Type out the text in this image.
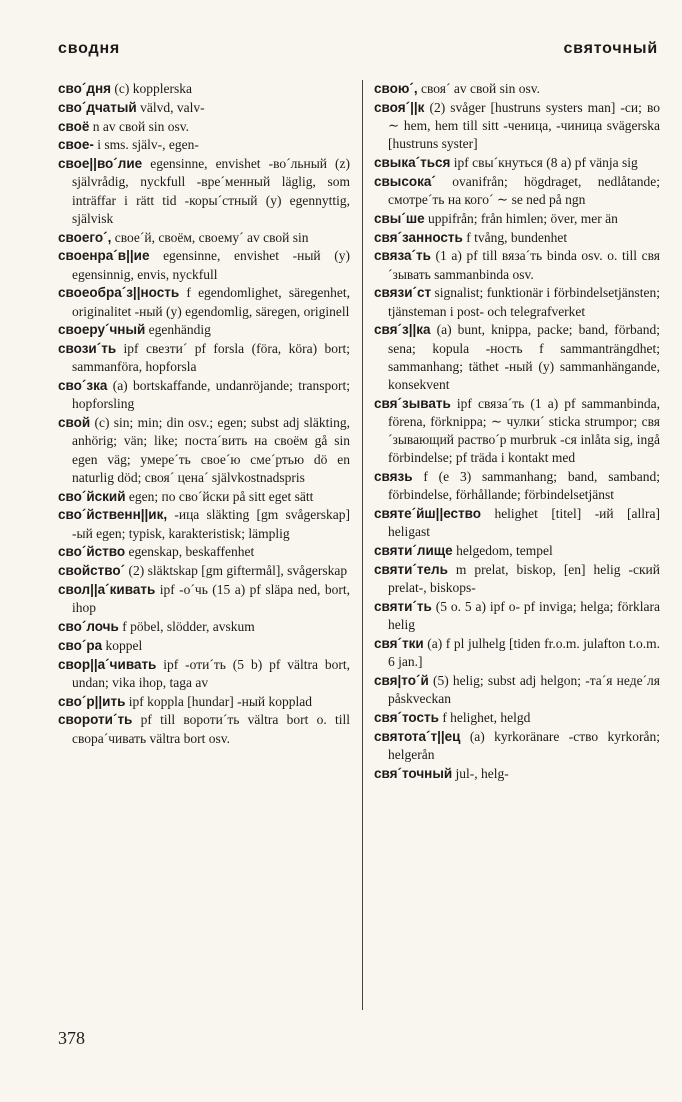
сводня	святочный

сво´дня (c) kopplerska

сво´дчатый välvd, valv-

своё n av свой sin osv.

свое- i sms. själv-, egen-

свое||во´лие egensinne, envishet -во´льный (z) självrådig, nyckfull -вре´менный läglig, som inträffar i rätt tid -коры´стный (y) egennyttig, självisk

своего´, свое´й, своём, своему´ av свой sin

своенра´в||ие egensinne, envishet -ный (y) egensinnig, envis, nyckfull

своеобра´з||ность f egendomlighet, säregenhet, originalitet -ный (y) egendomlig, säregen, originell

своеру´чный egenhändig

свози´ть ipf свезти´ pf forsla (föra, köra) bort; sammanföra, hopforsla

сво´зка (a) bortskaffande, undanröjande; transport; hopforsling

свой (c) sin; min; din osv.; egen; subst adj släkting, anhörig; vän; like; поста´вить на своём gå sin egen väg; умере´ть свое´ю сме´ртью dö en naturlig död; своя´ цена´ självkostnadspris

сво´йский egen; по сво´йски på sitt eget sätt

сво´йственн||ик, -ица släkting [gm svågerskap] -ый egen; typisk, karakteristisk; lämplig

сво´йство egenskap, beskaffenhet

свойство´ (2) släktskap [gm giftermål], svågerskap

свол||а´кивать ipf -о´чь (15 a) pf släpa ned, bort, ihop

сво´лочь f pöbel, slödder, avskum

сво´ра koppel

свор||а´чивать ipf -оти´ть (5 b) pf vältra bort, undan; vika ihop, taga av

сво´р||ить ipf koppla [hundar] -ный kopplad

свороти´ть pf till вороти´ть vältra bort o. till свора´чивать vältra bort osv.

свою´, своя´ av свой sin osv.

своя´||к (2) svåger [hustruns systers man] -си; во ∼ hem, hem till sitt -ченица, -чиница svägerska [hustruns syster]

свыка´ться ipf свы´кнуться (8 a) pf vänja sig

свысока´ ovanifrån; högdraget, nedlåtande; смотре´ть на кого´ ∼ se ned på ngn

свы´ше uppifrån; från himlen; över, mer än

свя´занность f tvång, bundenhet

связа´ть (1 a) pf till вяза´ть binda osv. o. till свя´зывать sammanbinda osv.

связи´ст signalist; funktionär i förbindelsetjänsten; tjänsteman i post- och telegrafverket

свя´з||ка (a) bunt, knippa, packe; band, förband; sena; kopula -ность f sammanträngdhet; sammanhang; täthet -ный (y) sammanhängande, konsekvent

свя´зывать ipf связа´ть (1 a) pf sammanbinda, förena, förknippa; ∼ чулки´ sticka strumpor; свя´зывающий раство´р murbruk -ся inlåta sig, ingå förbindelse; pf träda i kontakt med

связь f (e 3) sammanhang; band, samband; förbindelse, förhållande; förbindelsetjänst

святе´йш||ество helighet [titel] -ий [allra] heligast

святи´лище helgedom, tempel

святи´тель m prelat, biskop, [en] helig -ский prelat-, biskops-

святи´ть (5 o. 5 a) ipf о- pf inviga; helga; förklara helig

свя´тки (a) f pl julhelg [tiden fr.o.m. julafton t.o.m. 6 jan.]

свя|то´й (5) helig; subst adj helgon; -та´я неде´ля påskveckan

свя´тость f helighet, helgd

святота´т||ец (a) kyrkoränare -ство kyrkorån; helgerån

свя´точный jul-, helg-

378
